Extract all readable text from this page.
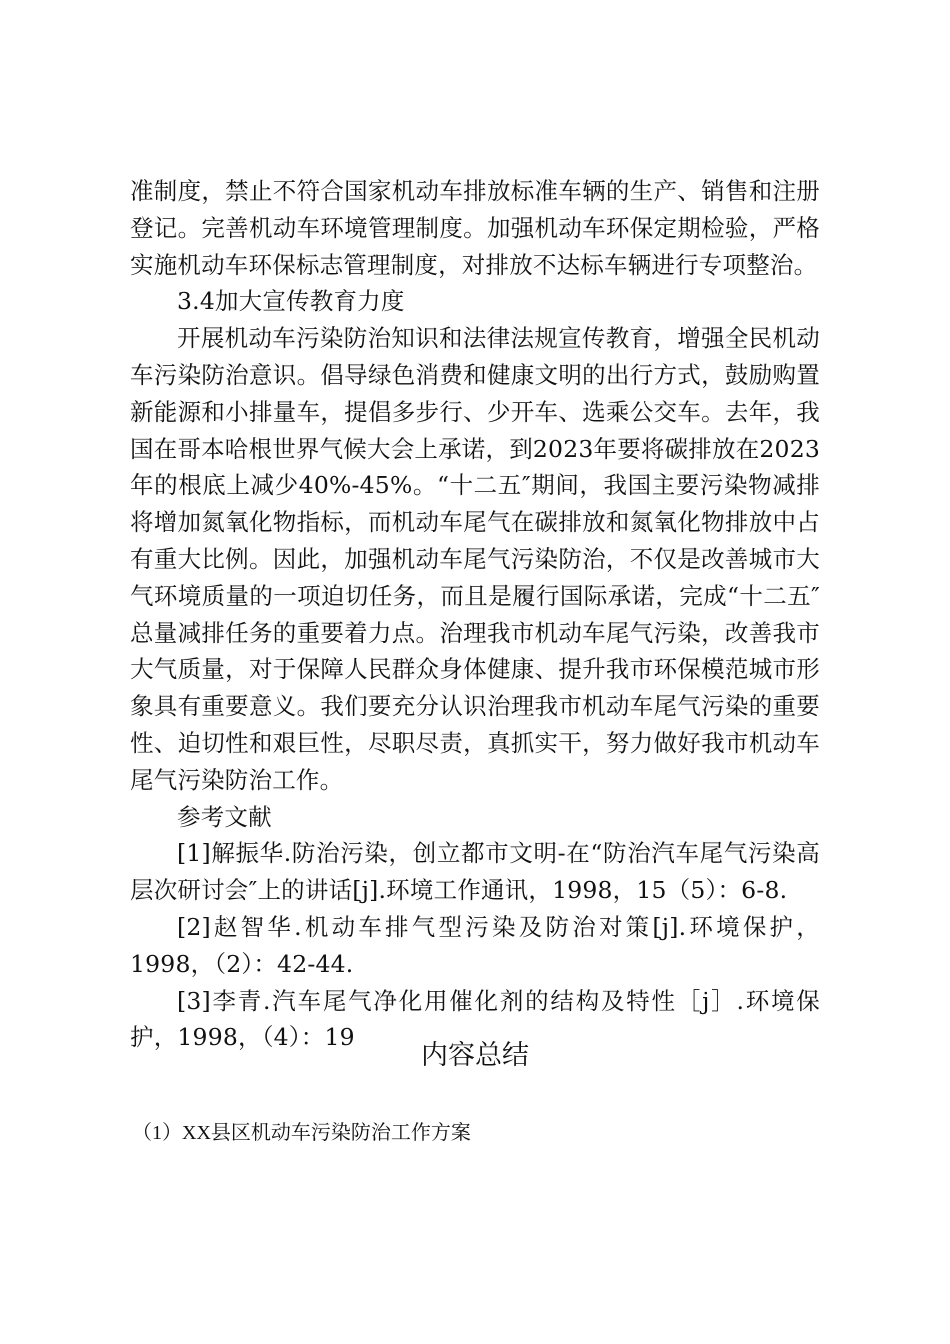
准制度，禁止不符合国家机动车排放标准车辆的生产、销售和注册登记。完善机动车环境管理制度。加强机动车环保定期检验，严格实施机动车环保标志管理制度，对排放不达标车辆进行专项整治。

3.4加大宣传教育力度

开展机动车污染防治知识和法律法规宣传教育，增强全民机动车污染防治意识。倡导绿色消费和健康文明的出行方式，鼓励购置新能源和小排量车，提倡多步行、少开车、选乘公交车。去年，我国在哥本哈根世界气候大会上承诺，到2023年要将碳排放在2023年的根底上减少40%-45%。“十二五″期间，我国主要污染物减排将增加氮氧化物指标，而机动车尾气在碳排放和氮氧化物排放中占有重大比例。因此，加强机动车尾气污染防治，不仅是改善城市大气环境质量的一项迫切任务，而且是履行国际承诺，完成“十二五″总量减排任务的重要着力点。治理我市机动车尾气污染，改善我市大气质量，对于保障人民群众身体健康、提升我市环保模范城市形象具有重要意义。我们要充分认识治理我市机动车尾气污染的重要性、迫切性和艰巨性，尽职尽责，真抓实干，努力做好我市机动车尾气污染防治工作。

参考文献

[1]解振华.防治污染，创立都市文明-在“防治汽车尾气污染高层次研讨会″上的讲话[j].环境工作通讯，1998，15（5）：6-8.

[2]赵智华.机动车排气型污染及防治对策[j].环境保护，1998，（2）：42-44.

[3]李青.汽车尾气净化用催化剂的结构及特性［j］.环境保护，1998，（4）：19

内容总结
（1）XX县区机动车污染防治工作方案
